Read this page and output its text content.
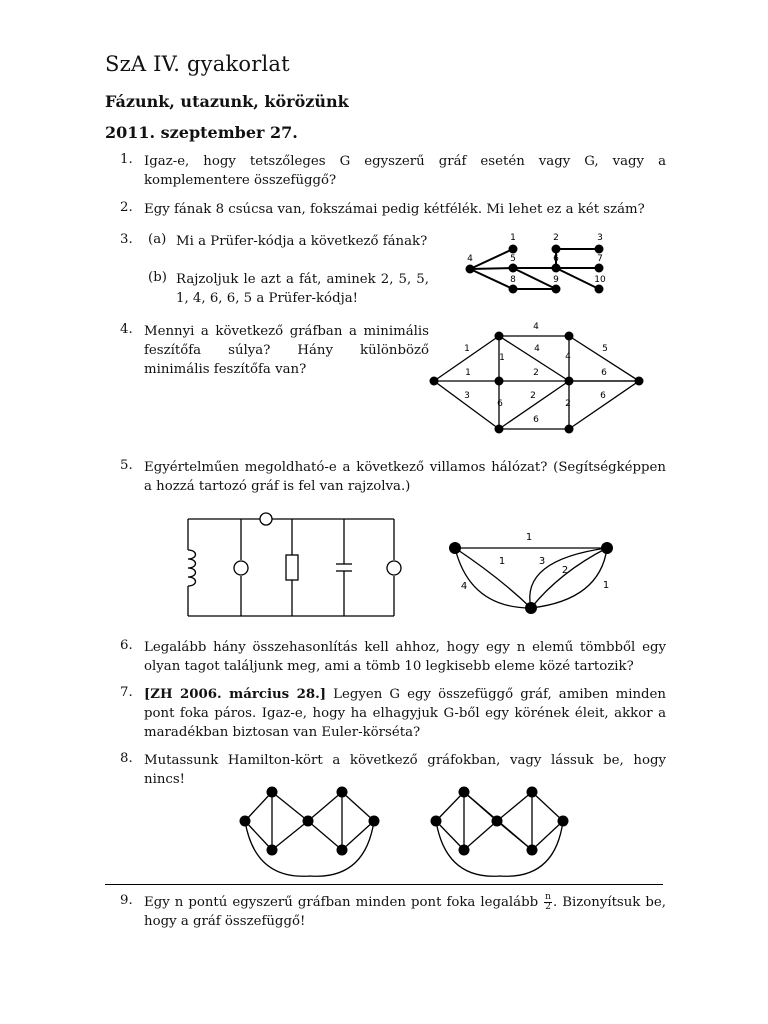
SzA IV. gyakorlat
Fázunk, utazunk, körözünk
2011. szeptember 27.
1. Igaz-e, hogy tetszőleges G egyszerű gráf esetén vagy G, vagy a komplementere összefüggő?
2. Egy fának 8 csúcsa van, fokszámai pedig kétfélék. Mi lehet ez a két szám?
3. (a) Mi a Prüfer-kódja a következő fának?
(b) Rajzoljuk le azt a fát, aminek 2, 5, 5, 1, 4, 6, 6, 5 a Prüfer-kódja!
1	2	3
4	5	6	7
8	9	10
4. Mennyi a következő gráfban a minimális feszítőfa súlya? Hány különböző minimális feszítőfa van?
4
1
1
4
4
5
1	2	6
3
6
2
2
6
6
5. Egyértelműen megoldható-e a következő villamos hálózat? (Segítségképpen a hozzá tartozó gráf is fel van rajzolva.)
1
1	3
2
4	1
6. Legalább hány összehasonlítás kell ahhoz, hogy egy n elemű tömbből egy olyan tagot találjunk meg, ami a tömb 10 legkisebb eleme közé tartozik?
7. [ZH 2006. március 28.] Legyen G egy összefüggő gráf, amiben minden pont foka páros. Igaz-e, hogy ha elhagyjuk G-ből egy körének éleit, akkor a maradékban biztosan van Euler-körséta?
8. Mutassunk Hamilton-kört a következő gráfokban, vagy lássuk be, hogy nincs!
9. Egy n pontú egyszerű gráfban minden pont foka legalább $\frac{n}{2}$ . Bizonyítsuk be, hogy a gráf összefüggő!
